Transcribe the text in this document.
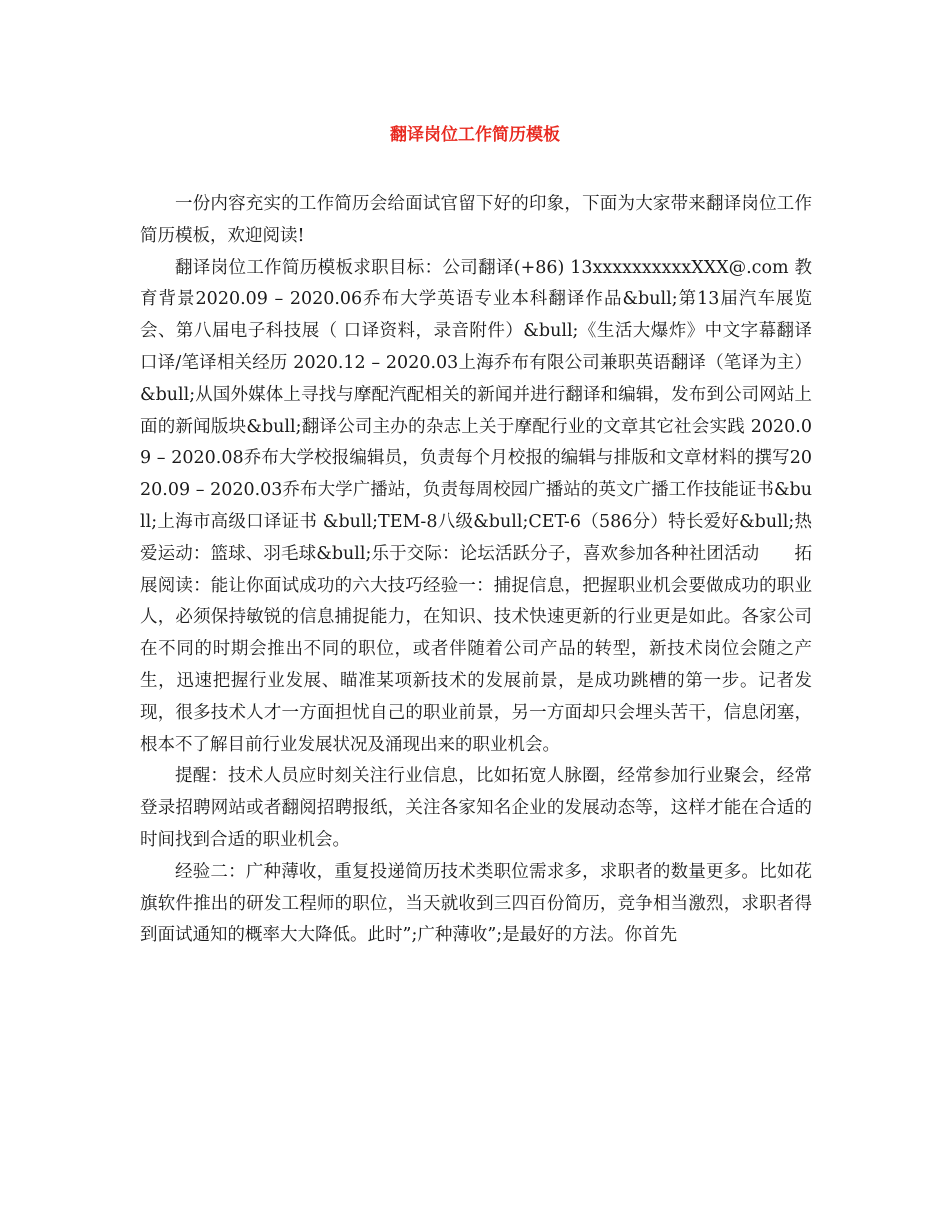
翻译岗位工作简历模板

一份内容充实的工作简历会给面试官留下好的印象，下面为大家带来翻译岗位工作简历模板，欢迎阅读!

翻译岗位工作简历模板求职目标：公司翻译(+86) 13xxxxxxxxxxXXX@.com 教育背景2020.09 – 2020.06乔布大学英语专业本科翻译作品&bull;第13届汽车展览会、第八届电子科技展（ 口译资料，录音附件）&bull;《生活大爆炸》中文字幕翻译口译/笔译相关经历 2020.12 – 2020.03上海乔布有限公司兼职英语翻译（笔译为主）&bull;从国外媒体上寻找与摩配汽配相关的新闻并进行翻译和编辑，发布到公司网站上面的新闻版块&bull;翻译公司主办的杂志上关于摩配行业的文章其它社会实践 2020.09 – 2020.08乔布大学校报编辑员，负责每个月校报的编辑与排版和文章材料的撰写2020.09 – 2020.03乔布大学广播站，负责每周校园广播站的英文广播工作技能证书&bull;上海市高级口译证书 &bull;TEM-8八级&bull;CET-6（586分）特长爱好&bull;热爱运动：篮球、羽毛球&bull;乐于交际：论坛活跃分子，喜欢参加各种社团活动　　拓展阅读：能让你面试成功的六大技巧经验一：捕捉信息，把握职业机会要做成功的职业人，必须保持敏锐的信息捕捉能力，在知识、技术快速更新的行业更是如此。各家公司在不同的时期会推出不同的职位，或者伴随着公司产品的转型，新技术岗位会随之产生，迅速把握行业发展、瞄准某项新技术的发展前景，是成功跳槽的第一步。记者发现，很多技术人才一方面担忧自己的职业前景，另一方面却只会埋头苦干，信息闭塞，根本不了解目前行业发展状况及涌现出来的职业机会。

提醒：技术人员应时刻关注行业信息，比如拓宽人脉圈，经常参加行业聚会，经常登录招聘网站或者翻阅招聘报纸，关注各家知名企业的发展动态等，这样才能在合适的时间找到合适的职业机会。

经验二：广种薄收，重复投递简历技术类职位需求多，求职者的数量更多。比如花旗软件推出的研发工程师的职位，当天就收到三四百份简历，竞争相当激烈，求职者得到面试通知的概率大大降低。此时”;广种薄收”;是最好的方法。你首先
